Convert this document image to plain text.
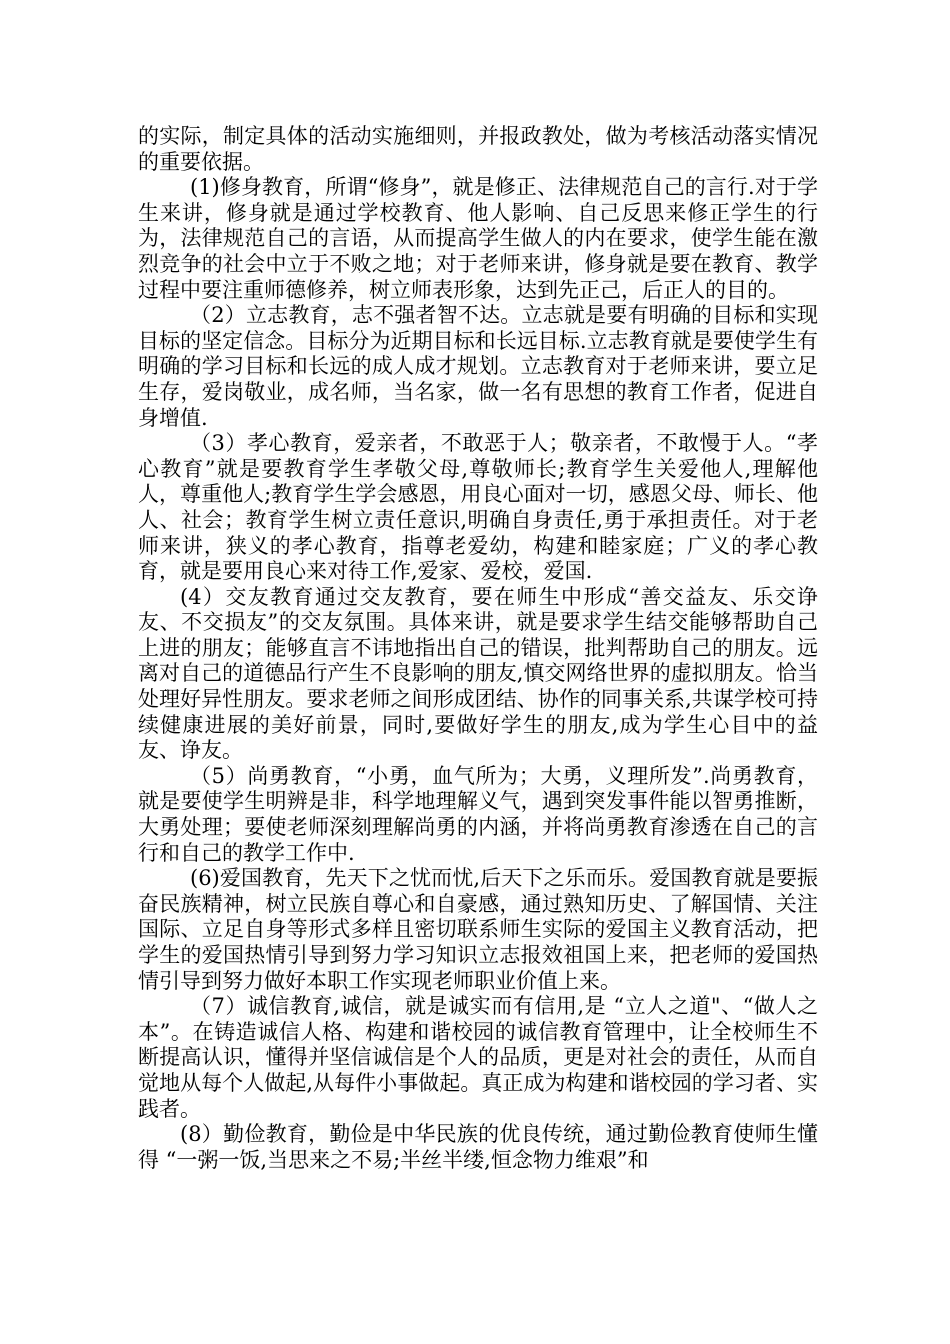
的实际，制定具体的活动实施细则，并报政教处，做为考核活动落实情况的重要依据。

(1)修身教育，所谓“修身”，就是修正、法律规范自己的言行.对于学生来讲，修身就是通过学校教育、他人影响、自己反思来修正学生的行为，法律规范自己的言语，从而提高学生做人的内在要求，使学生能在激烈竞争的社会中立于不败之地；对于老师来讲，修身就是要在教育、教学过程中要注重师德修养，树立师表形象，达到先正己，后正人的目的。

（2）立志教育，志不强者智不达。立志就是要有明确的目标和实现目标的坚定信念。目标分为近期目标和长远目标.立志教育就是要使学生有明确的学习目标和长远的成人成才规划。立志教育对于老师来讲，要立足生存，爱岗敬业，成名师，当名家，做一名有思想的教育工作者，促进自身增值.

（3）孝心教育，爱亲者，不敢恶于人；敬亲者，不敢慢于人。“孝心教育”就是要教育学生孝敬父母,尊敬师长;教育学生关爱他人,理解他人，尊重他人;教育学生学会感恩，用良心面对一切，感恩父母、师长、他人、社会；教育学生树立责任意识,明确自身责任,勇于承担责任。对于老师来讲，狭义的孝心教育，指尊老爱幼，构建和睦家庭；广义的孝心教育，就是要用良心来对待工作,爱家、爱校，爱国.

(4）交友教育通过交友教育，要在师生中形成“善交益友、乐交诤友、不交损友”的交友氛围。具体来讲，就是要求学生结交能够帮助自己上进的朋友；能够直言不讳地指出自己的错误，批判帮助自己的朋友。远离对自己的道德品行产生不良影响的朋友,慎交网络世界的虚拟朋友。恰当处理好异性朋友。要求老师之间形成团结、协作的同事关系,共谋学校可持续健康进展的美好前景，同时,要做好学生的朋友,成为学生心目中的益友、诤友。

（5）尚勇教育，“小勇，血气所为；大勇，义理所发”.尚勇教育，就是要使学生明辨是非，科学地理解义气，遇到突发事件能以智勇推断，大勇处理；要使老师深刻理解尚勇的内涵，并将尚勇教育渗透在自己的言行和自己的教学工作中.

(6)爱国教育，先天下之忧而忧,后天下之乐而乐。爱国教育就是要振奋民族精神，树立民族自尊心和自豪感，通过熟知历史、了解国情、关注国际、立足自身等形式多样且密切联系师生实际的爱国主义教育活动，把学生的爱国热情引导到努力学习知识立志报效祖国上来，把老师的爱国热情引导到努力做好本职工作实现老师职业价值上来。

（7）诚信教育,诚信，就是诚实而有信用,是 “立人之道"、“做人之本”。在铸造诚信人格、构建和谐校园的诚信教育管理中，让全校师生不断提高认识，懂得并坚信诚信是个人的品质，更是对社会的责任，从而自觉地从每个人做起,从每件小事做起。真正成为构建和谐校园的学习者、实践者。

(8）勤俭教育，勤俭是中华民族的优良传统，通过勤俭教育使师生懂得 “一粥一饭,当思来之不易;半丝半缕,恒念物力维艰”和
